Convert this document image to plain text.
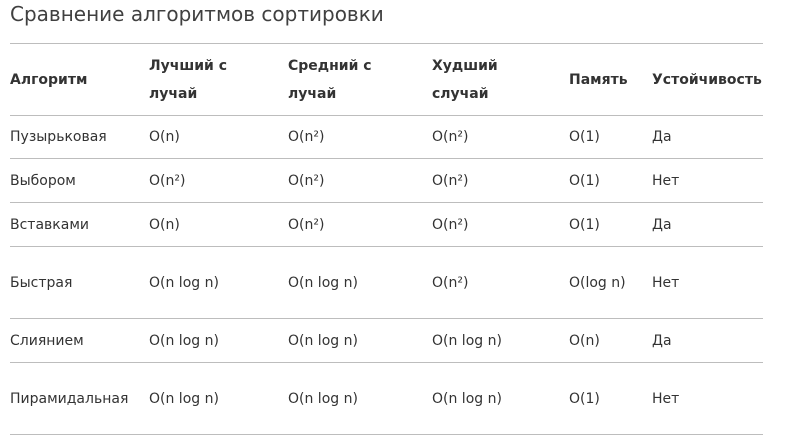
Сравнение алгоритмов сортировки
Алгоритм	Лучший случай	Средний случай	Худший случай	Память	Устойчивость
Пузырьковая	O(n)	O(n²)	O(n²)	O(1)	Да
Выбором	O(n²)	O(n²)	O(n²)	O(1)	Нет
Вставками	O(n)	O(n²)	O(n²)	O(1)	Да
Быстрая	O(n log n)	O(n log n)	O(n²)	O(log n)	Нет
Слиянием	O(n log n)	O(n log n)	O(n log n)	O(n)	Да
Пирамидальная	O(n log n)	O(n log n)	O(n log n)	O(1)	Нет
